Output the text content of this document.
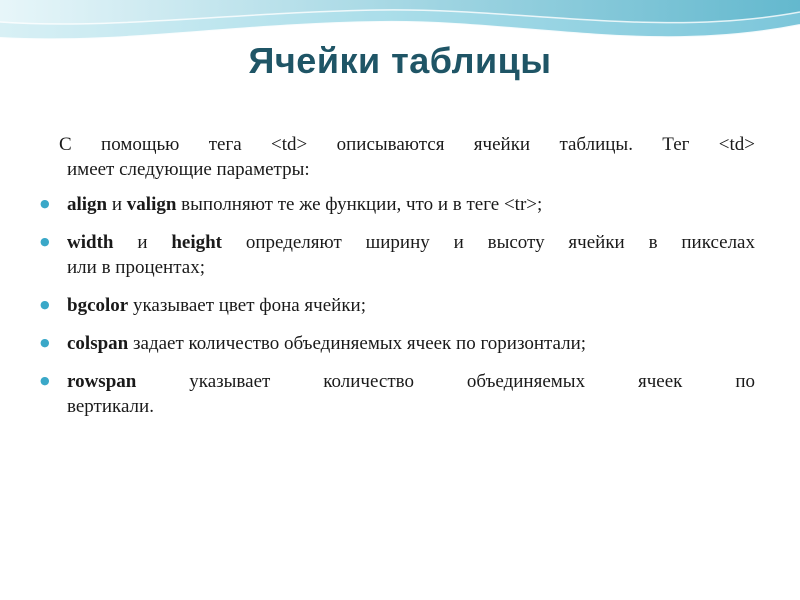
Ячейки таблицы

С помощью тега <td> описываются ячейки таблицы. Тег <td>
имеет следующие параметры:

● align и valign выполняют те же функции, что и в теге <tr>;
● width и height определяют ширину и высоту ячейки в пикселах
или в процентах;
● bgcolor указывает цвет фона ячейки;
● colspan задает количество объединяемых ячеек по горизонтали;
● rowspan указывает количество объединяемых ячеек по
вертикали.
